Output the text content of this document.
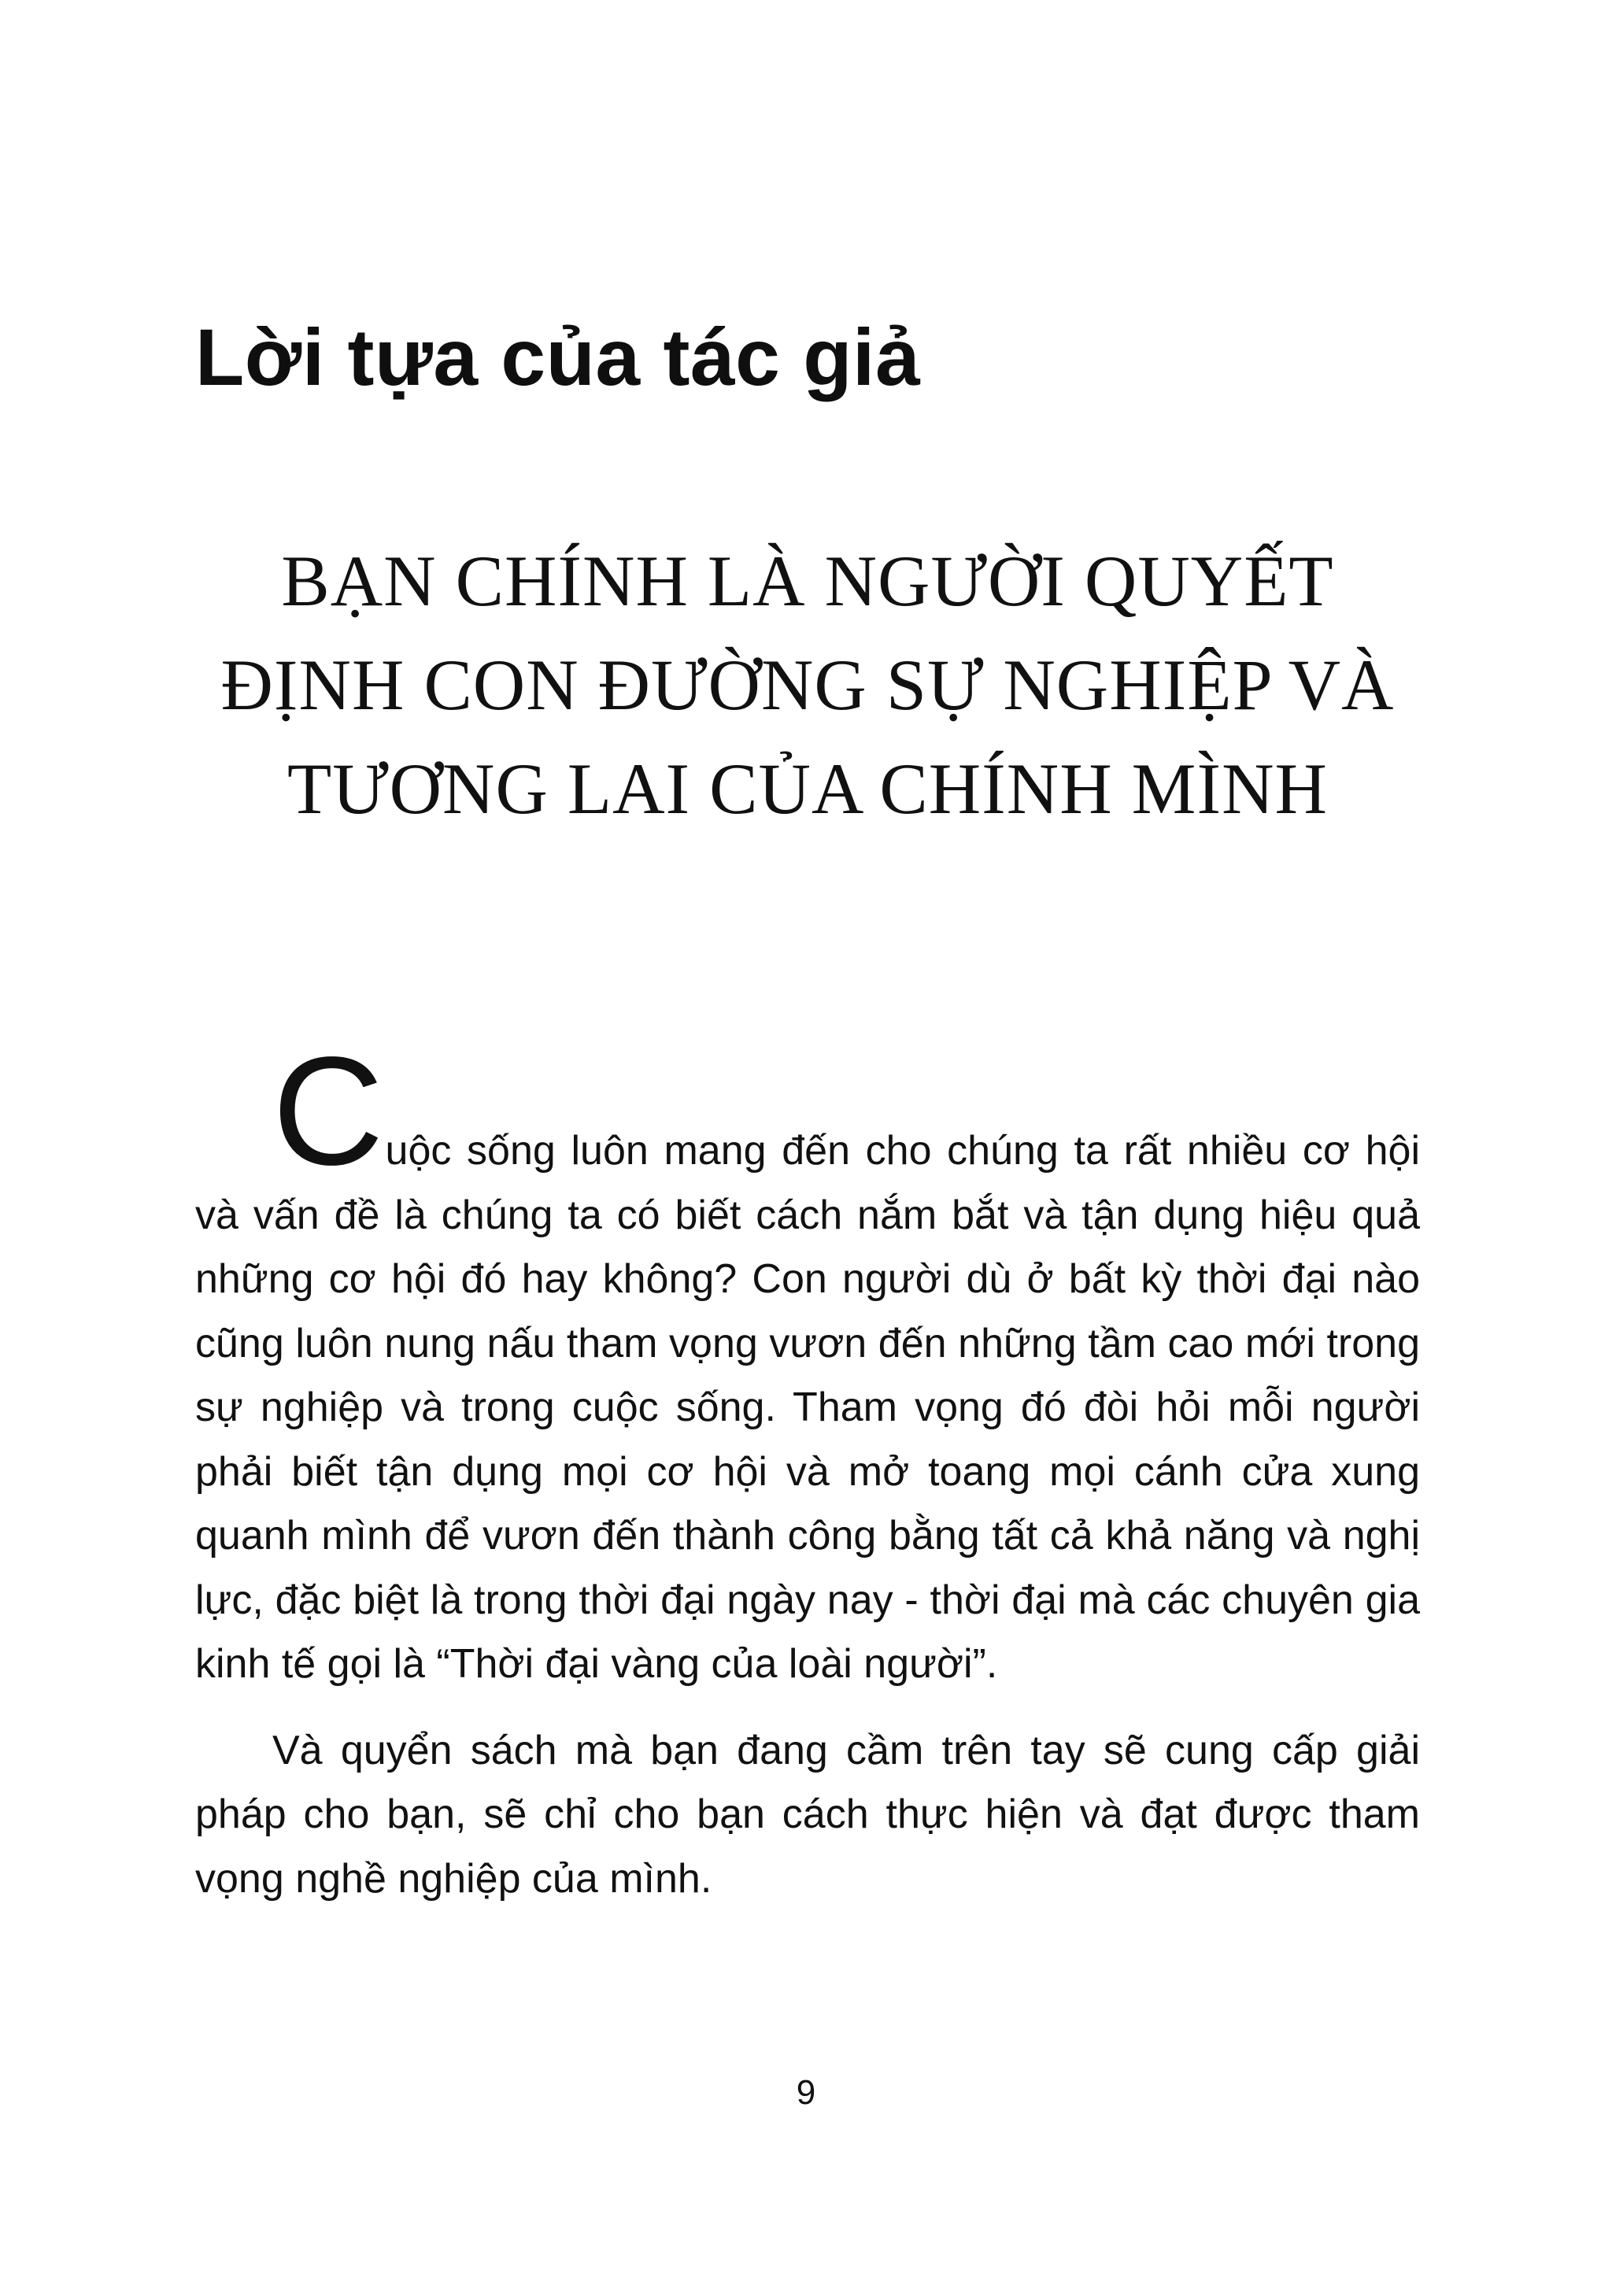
Lời tựa của tác giả
BẠN CHÍNH LÀ NGƯỜI QUYẾT
ĐỊNH CON ĐƯỜNG SỰ NGHIỆP VÀ
TƯƠNG LAI CỦA CHÍNH MÌNH

Cuộc sống luôn mang đến cho chúng ta rất nhiều cơ hội và vấn đề là chúng ta có biết cách nắm bắt và tận dụng hiệu quả những cơ hội đó hay không? Con người dù ở bất kỳ thời đại nào cũng luôn nung nấu tham vọng vươn đến những tầm cao mới trong sự nghiệp và trong cuộc sống. Tham vọng đó đòi hỏi mỗi người phải biết tận dụng mọi cơ hội và mở toang mọi cánh cửa xung quanh mình để vươn đến thành công bằng tất cả khả năng và nghị lực, đặc biệt là trong thời đại ngày nay - thời đại mà các chuyên gia kinh tế gọi là “Thời đại vàng của loài người”.

Và quyển sách mà bạn đang cầm trên tay sẽ cung cấp giải pháp cho bạn, sẽ chỉ cho bạn cách thực hiện và đạt được tham vọng nghề nghiệp của mình.

9
